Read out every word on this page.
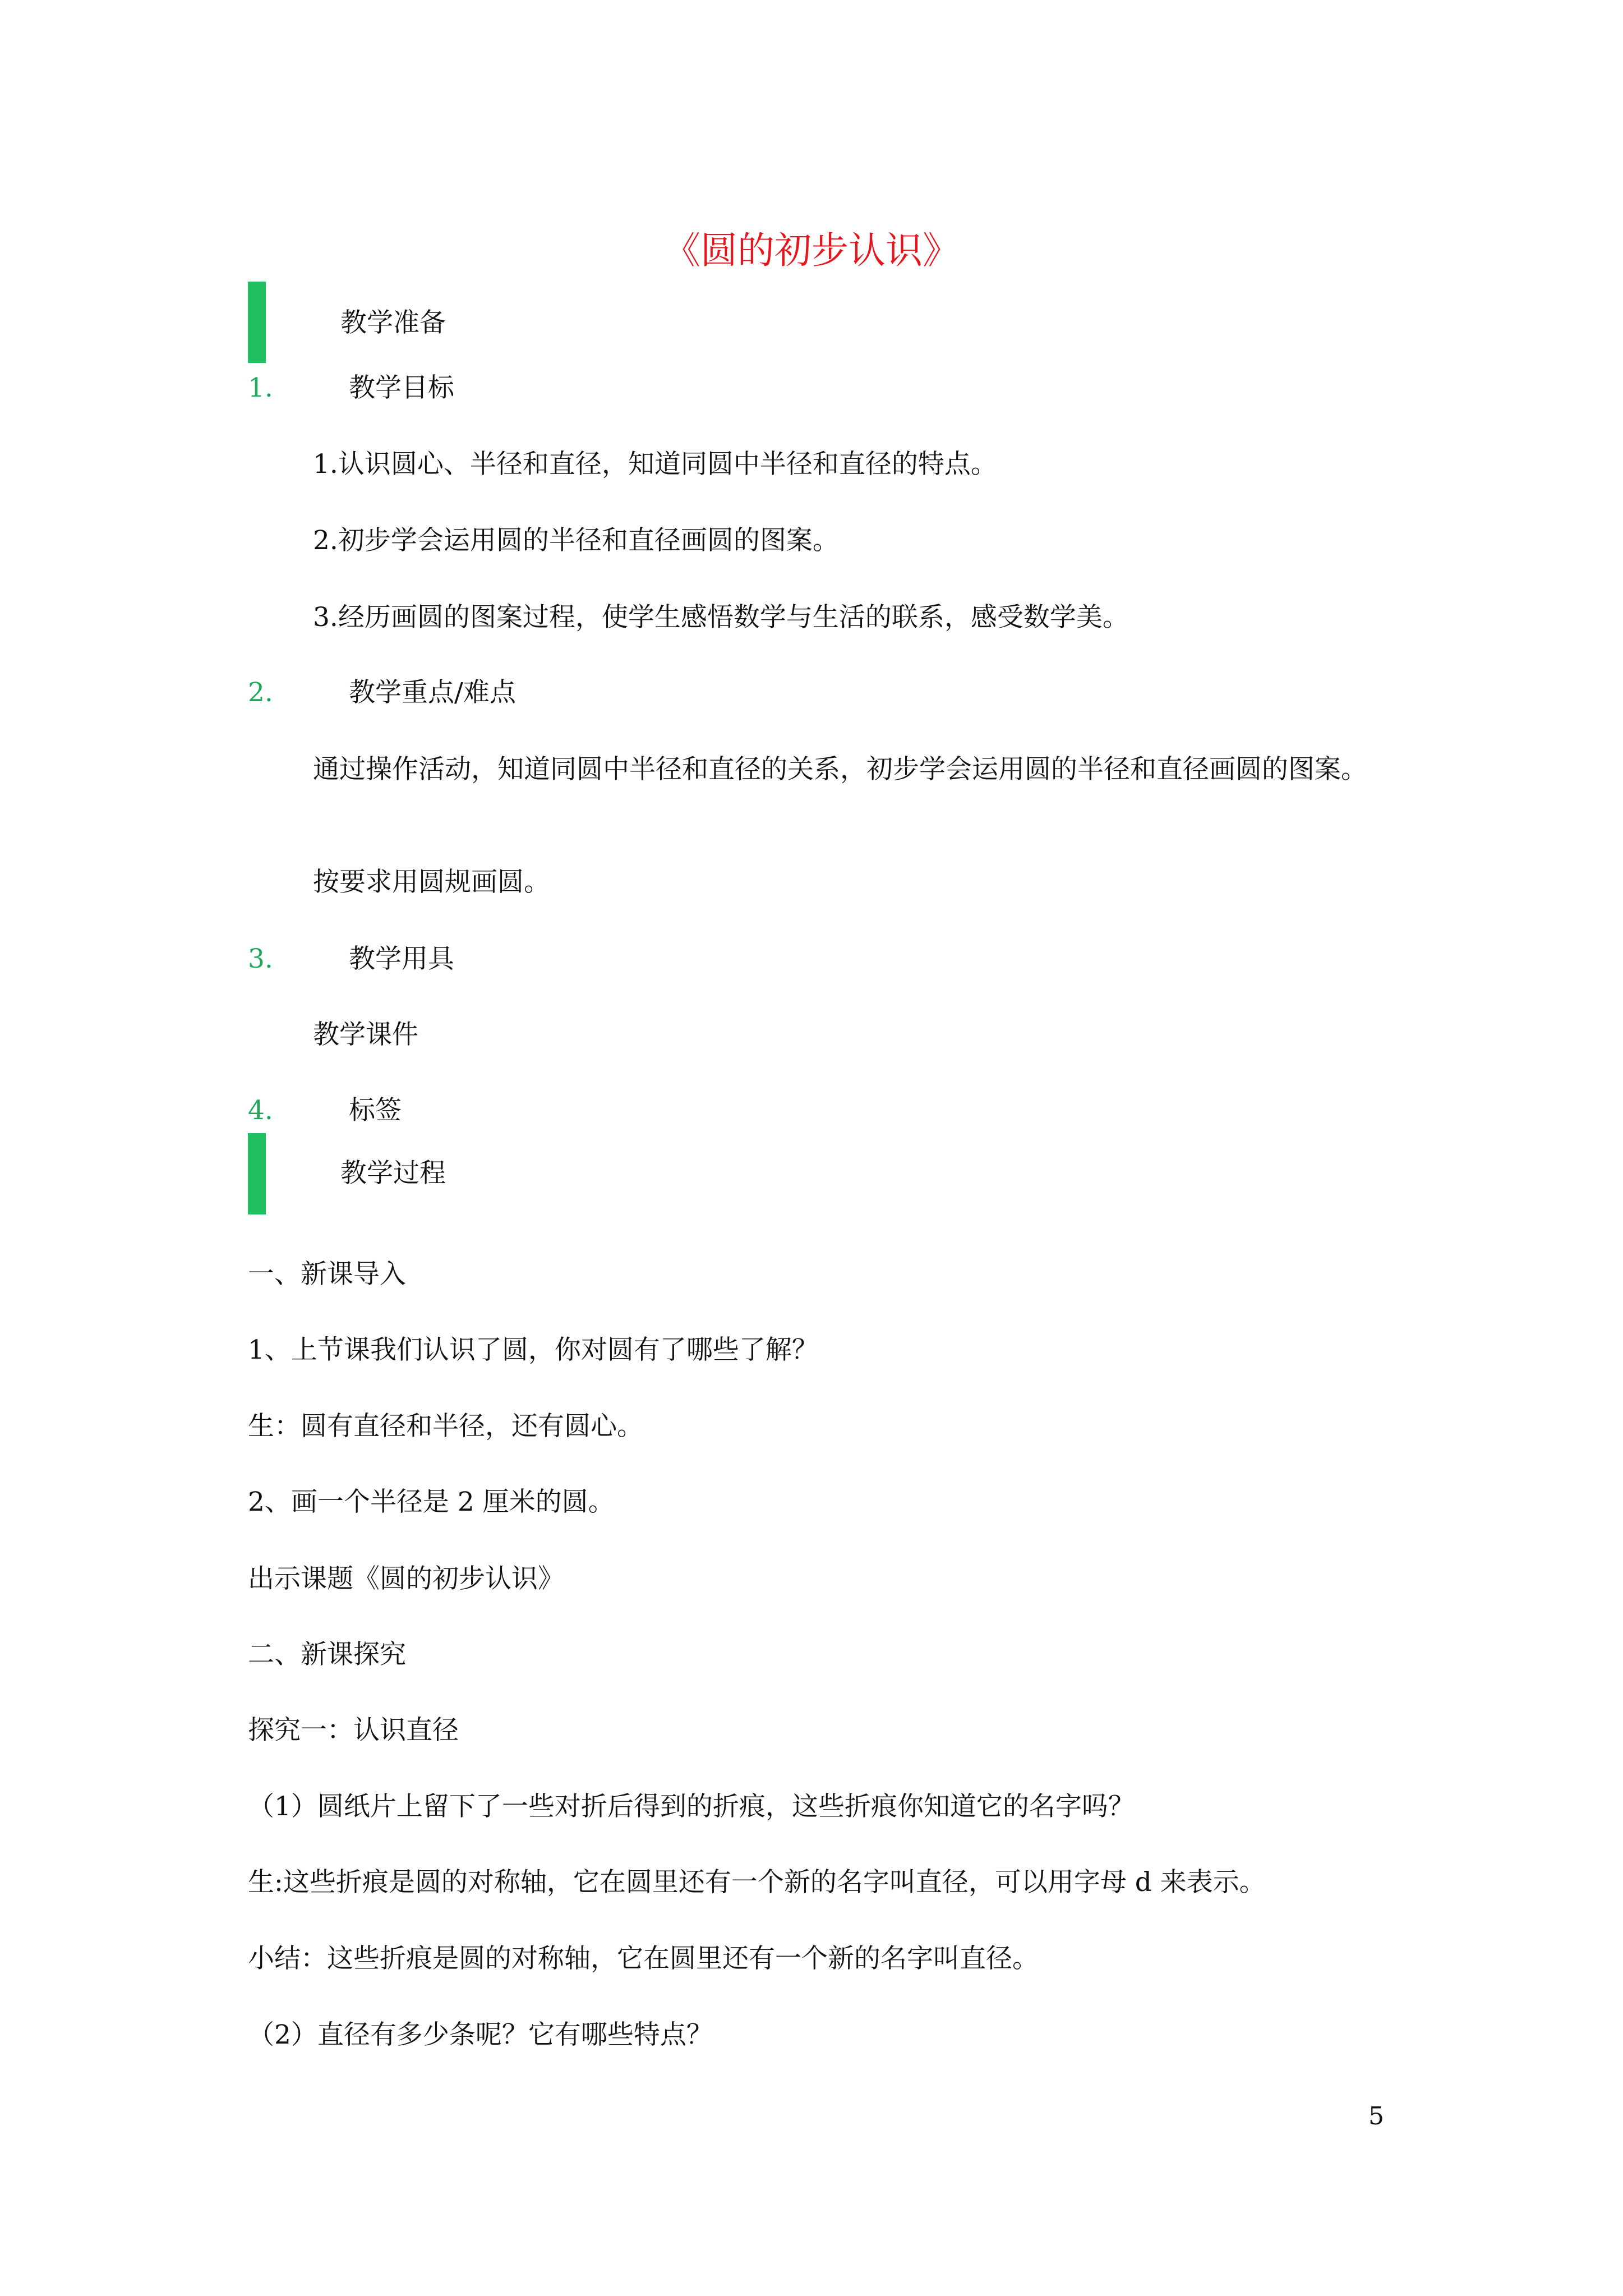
《圆的初步认识》
教学准备
1.	教学目标
1.认识圆心、半径和直径，知道同圆中半径和直径的特点。
2.初步学会运用圆的半径和直径画圆的图案。
3.经历画圆的图案过程，使学生感悟数学与生活的联系，感受数学美。
2.	教学重点/难点
通过操作活动，知道同圆中半径和直径的关系，初步学会运用圆的半径和直径画圆的图案。
按要求用圆规画圆。
3.	教学用具
教学课件
4.	标签
教学过程
一、新课导入
1、上节课我们认识了圆，你对圆有了哪些了解？
生：圆有直径和半径，还有圆心。
2、画一个半径是 2 厘米的圆。
出示课题《圆的初步认识》
二、新课探究
探究一：认识直径
（1）圆纸片上留下了一些对折后得到的折痕，这些折痕你知道它的名字吗？
生:这些折痕是圆的对称轴，它在圆里还有一个新的名字叫直径，可以用字母 d 来表示。
小结：这些折痕是圆的对称轴，它在圆里还有一个新的名字叫直径。
（2）直径有多少条呢？它有哪些特点？
5
